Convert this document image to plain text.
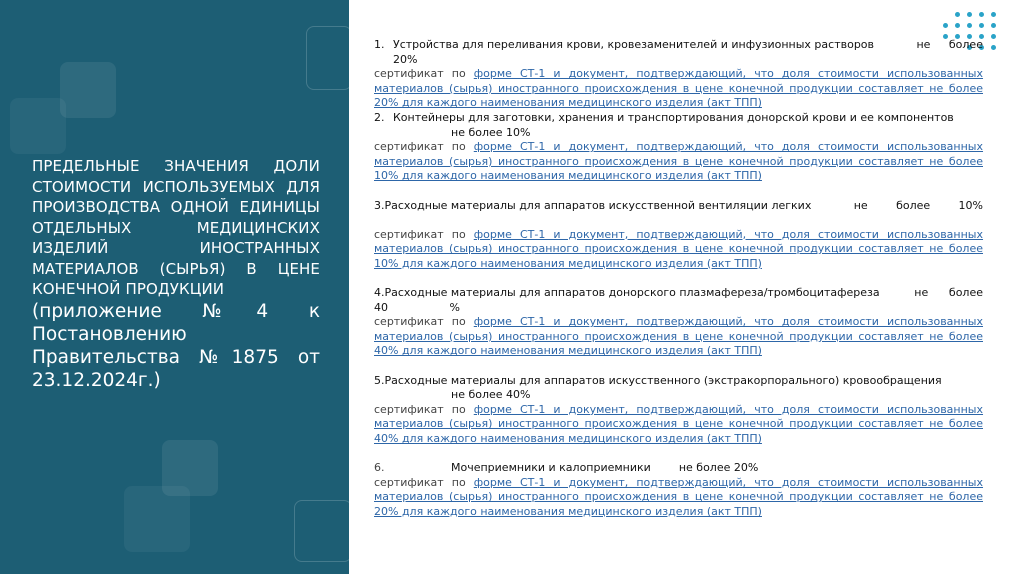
ПРЕДЕЛЬНЫЕ ЗНАЧЕНИЯ ДОЛИ СТОИМОСТИ ИСПОЛЬЗУЕМЫХ ДЛЯ ПРОИЗВОДСТВА ОДНОЙ ЕДИНИЦЫ ОТДЕЛЬНЫХ МЕДИЦИНСКИХ ИЗДЕЛИЙ ИНОСТРАННЫХ МАТЕРИАЛОВ (СЫРЬЯ) В ЦЕНЕ КОНЕЧНОЙ ПРОДУКЦИИ
(приложение №4 к Постановлению Правительства №1875 от 23.12.2024г.)
1. Устройства для переливания крови, кровезаменителей и инфузионных растворов	не более
20%
сертификат по форме СТ-1 и документ, подтверждающий, что доля стоимости использованных материалов (сырья) иностранного происхождения в цене конечной продукции составляет не более 20% для каждого наименования медицинского изделия (акт ТПП)
2. Контейнеры для заготовки, хранения и транспортирования донорской крови и ее компонентов
не более 10%
сертификат по форме СТ-1 и документ, подтверждающий, что доля стоимости использованных материалов (сырья) иностранного происхождения в цене конечной продукции составляет не более 10% для каждого наименования медицинского изделия (акт ТПП)
3.Расходные материалы для аппаратов искусственной вентиляции легких	не	более	10%
сертификат по форме СТ-1 и документ, подтверждающий, что доля стоимости использованных материалов (сырья) иностранного происхождения в цене конечной продукции составляет не более 10% для каждого наименования медицинского изделия (акт ТПП)
4.Расходные материалы для аппаратов донорского плазмафереза/тромбоцитафереза	не более
40	%
сертификат по форме СТ-1 и документ, подтверждающий, что доля стоимости использованных материалов (сырья) иностранного происхождения в цене конечной продукции составляет не более 40% для каждого наименования медицинского изделия (акт ТПП)
5.Расходные материалы для аппаратов искусственного (экстракорпорального) кровообращения
не более 40%
сертификат по форме СТ-1 и документ, подтверждающий, что доля стоимости использованных материалов (сырья) иностранного происхождения в цене конечной продукции составляет не более 40% для каждого наименования медицинского изделия (акт ТПП)
6.	Мочеприемники и калоприемники	не более 20%
сертификат по форме СТ-1 и документ, подтверждающий, что доля стоимости использованных материалов (сырья) иностранного происхождения в цене конечной продукции составляет не более 20% для каждого наименования медицинского изделия (акт ТПП)
